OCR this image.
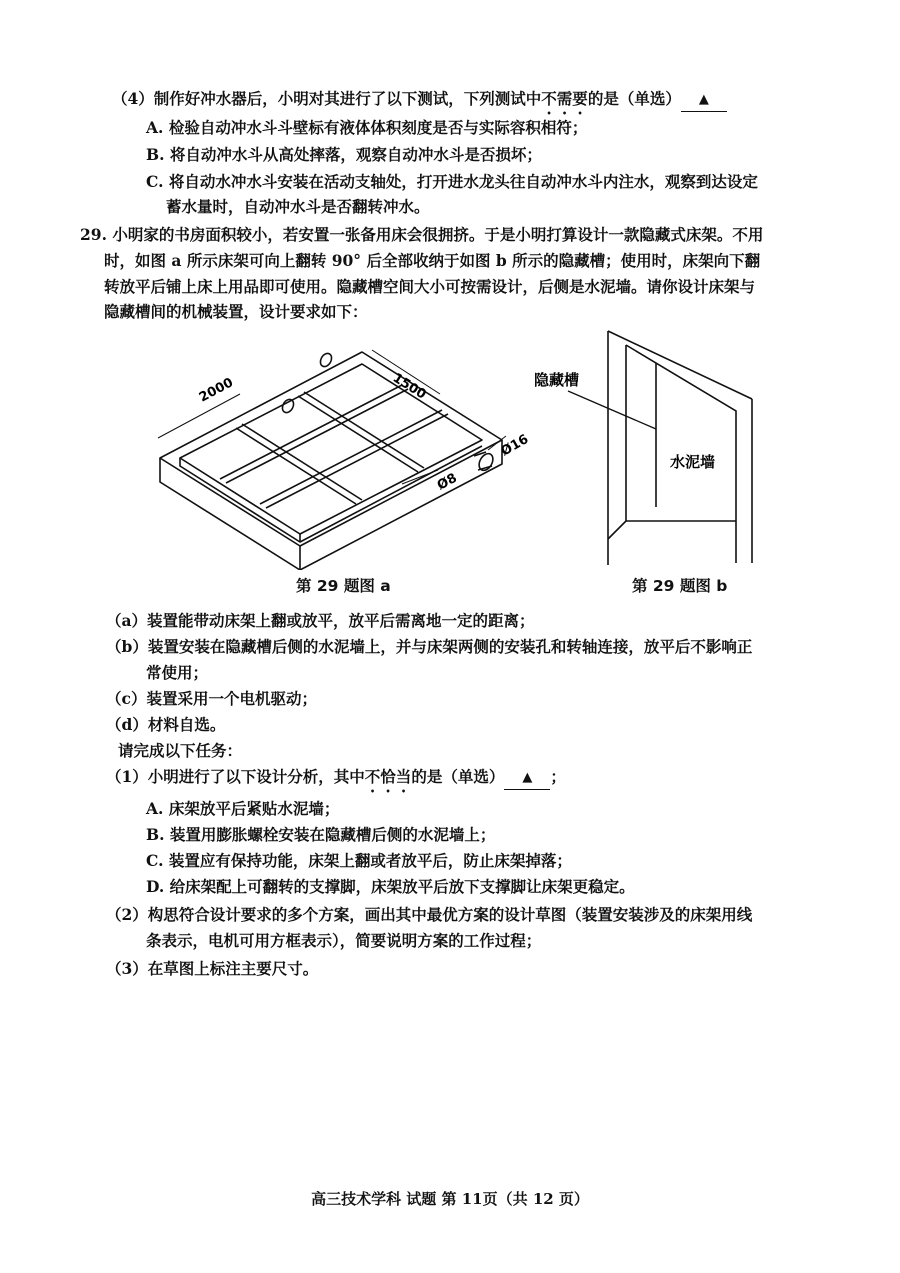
（4）制作好冲水器后，小明对其进行了以下测试，下列测试中不需要的是（单选） ▲
A. 检验自动冲水斗斗壁标有液体体积刻度是否与实际容积相符；
B. 将自动冲水斗从高处摔落，观察自动冲水斗是否损坏；
C. 将自动水冲水斗安装在活动支轴处，打开进水龙头往自动冲水斗内注水，观察到达设定
蓄水量时，自动冲水斗是否翻转冲水。
29. 小明家的书房面积较小，若安置一张备用床会很拥挤。于是小明打算设计一款隐藏式床架。不用
时，如图 a 所示床架可向上翻转 90° 后全部收纳于如图 b 所示的隐藏槽；使用时，床架向下翻
转放平后铺上床上用品即可使用。隐藏槽空间大小可按需设计，后侧是水泥墙。请你设计床架与
隐藏槽间的机械装置，设计要求如下：
2000	1500
Ø8
Ø16
第 29 题图 a
隐藏槽
水泥墙
第 29 题图 b
（a）装置能带动床架上翻或放平，放平后需离地一定的距离；
（b）装置安装在隐藏槽后侧的水泥墙上，并与床架两侧的安装孔和转轴连接，放平后不影响正
常使用；
（c）装置采用一个电机驱动；
（d）材料自选。
请完成以下任务：
（1）小明进行了以下设计分析，其中不恰当的是（单选） ▲ ；
A. 床架放平后紧贴水泥墙；
B. 装置用膨胀螺栓安装在隐藏槽后侧的水泥墙上；
C. 装置应有保持功能，床架上翻或者放平后，防止床架掉落；
D. 给床架配上可翻转的支撑脚，床架放平后放下支撑脚让床架更稳定。
（2）构思符合设计要求的多个方案，画出其中最优方案的设计草图（装置安装涉及的床架用线
条表示，电机可用方框表示），简要说明方案的工作过程；
（3）在草图上标注主要尺寸。
高三技术学科 试题 第 11页（共 12 页）
